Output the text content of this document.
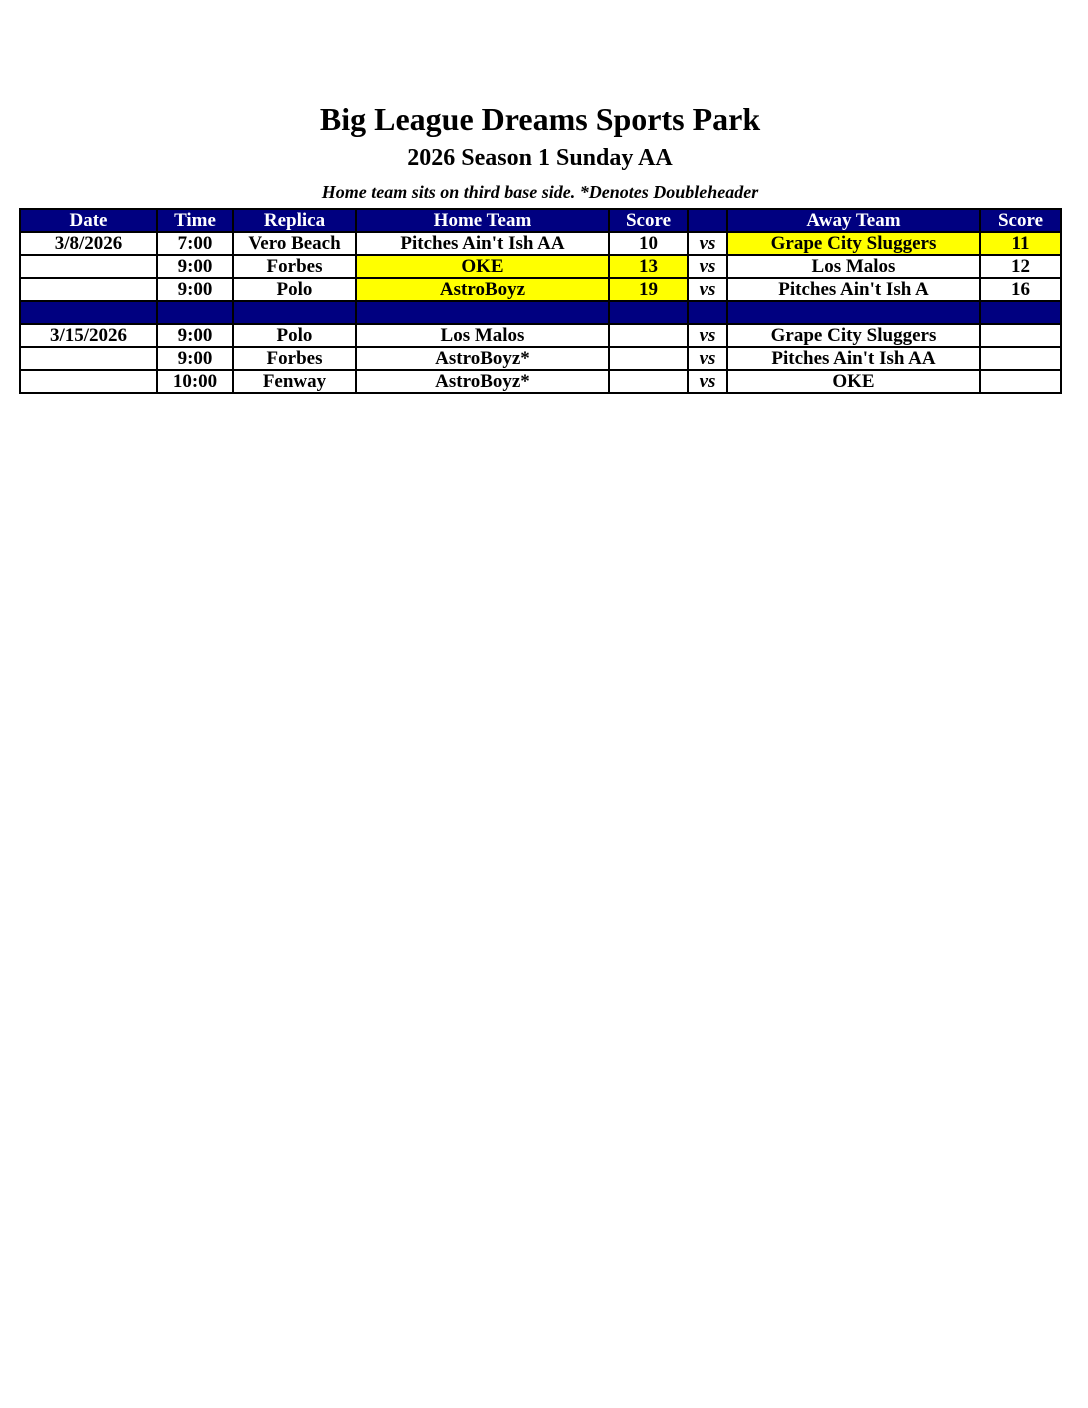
Big League Dreams Sports Park
2026 Season 1 Sunday AA
Home team sits on third base side. *Denotes Doubleheader
Date	Time	Replica	Home Team	Score		Away Team	Score
3/8/2026	7:00	Vero Beach	Pitches Ain't Ish AA	10	vs	Grape City Sluggers	11
	9:00	Forbes	OKE	13	vs	Los Malos	12
	9:00	Polo	AstroBoyz	19	vs	Pitches Ain't Ish A	16

3/15/2026	9:00	Polo	Los Malos		vs	Grape City Sluggers	
	9:00	Forbes	AstroBoyz*		vs	Pitches Ain't Ish AA	
	10:00	Fenway	AstroBoyz*		vs	OKE	
